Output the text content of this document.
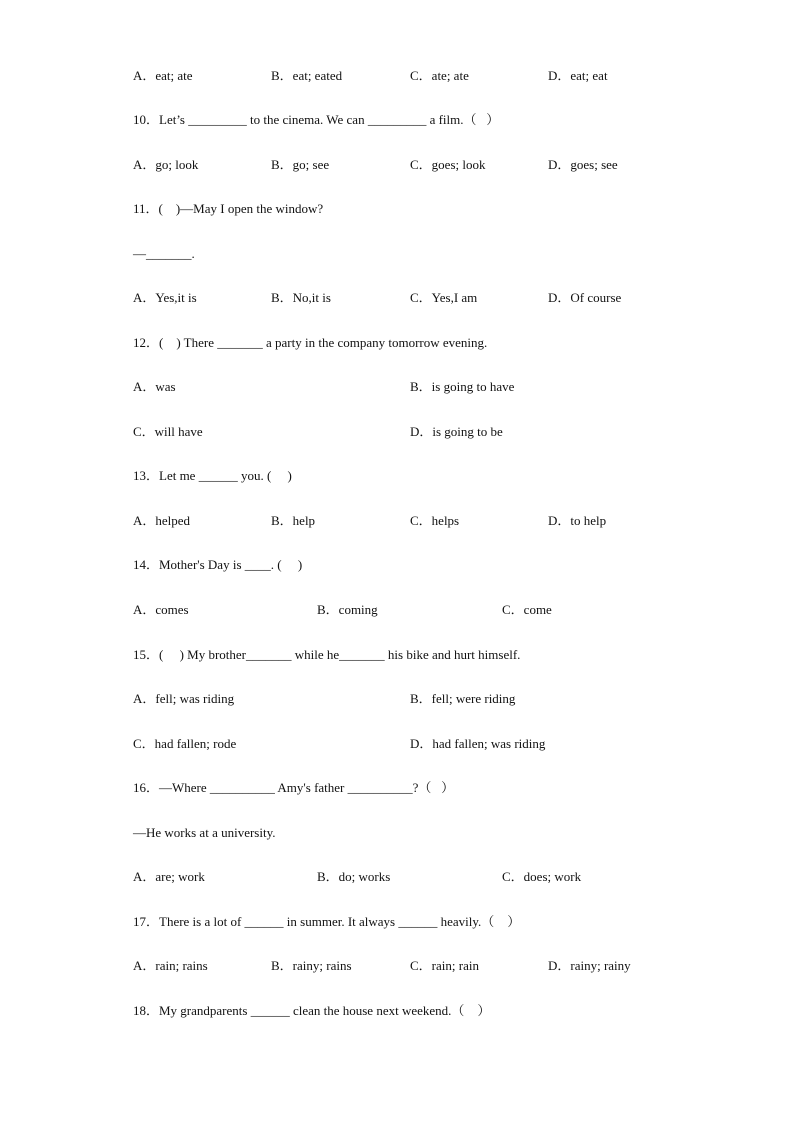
A．eat; ate	B．eat; eated	C．ate; ate	D．eat; eat
10．Let’s _________ to the cinema. We can _________ a film.（   ）
A．go; look	B．go; see	C．goes; look	D．goes; see
11．(    )—May I open the window?
—_______.
A．Yes,it is	B．No,it is	C．Yes,I am	D．Of course
12．(    ) There _______ a party in the company tomorrow evening.
A．was	B．is going to have
C．will have	D．is going to be
13．Let me ______ you. (     )
A．helped	B．help	C．helps	D．to help
14．Mother's Day is ____. (     )
A．comes	B．coming	C．come
15．(     ) My brother_______ while he_______ his bike and hurt himself.
A．fell; was riding	B．fell; were riding
C．had fallen; rode	D．had fallen; was riding
16．—Where __________ Amy's father __________?（   ）
—He works at a university.
A．are; work	B．do; works	C．does; work
17．There is a lot of ______ in summer. It always ______ heavily.（    ）
A．rain; rains	B．rainy; rains	C．rain; rain	D．rainy; rainy
18．My grandparents ______ clean the house next weekend.（    ）
